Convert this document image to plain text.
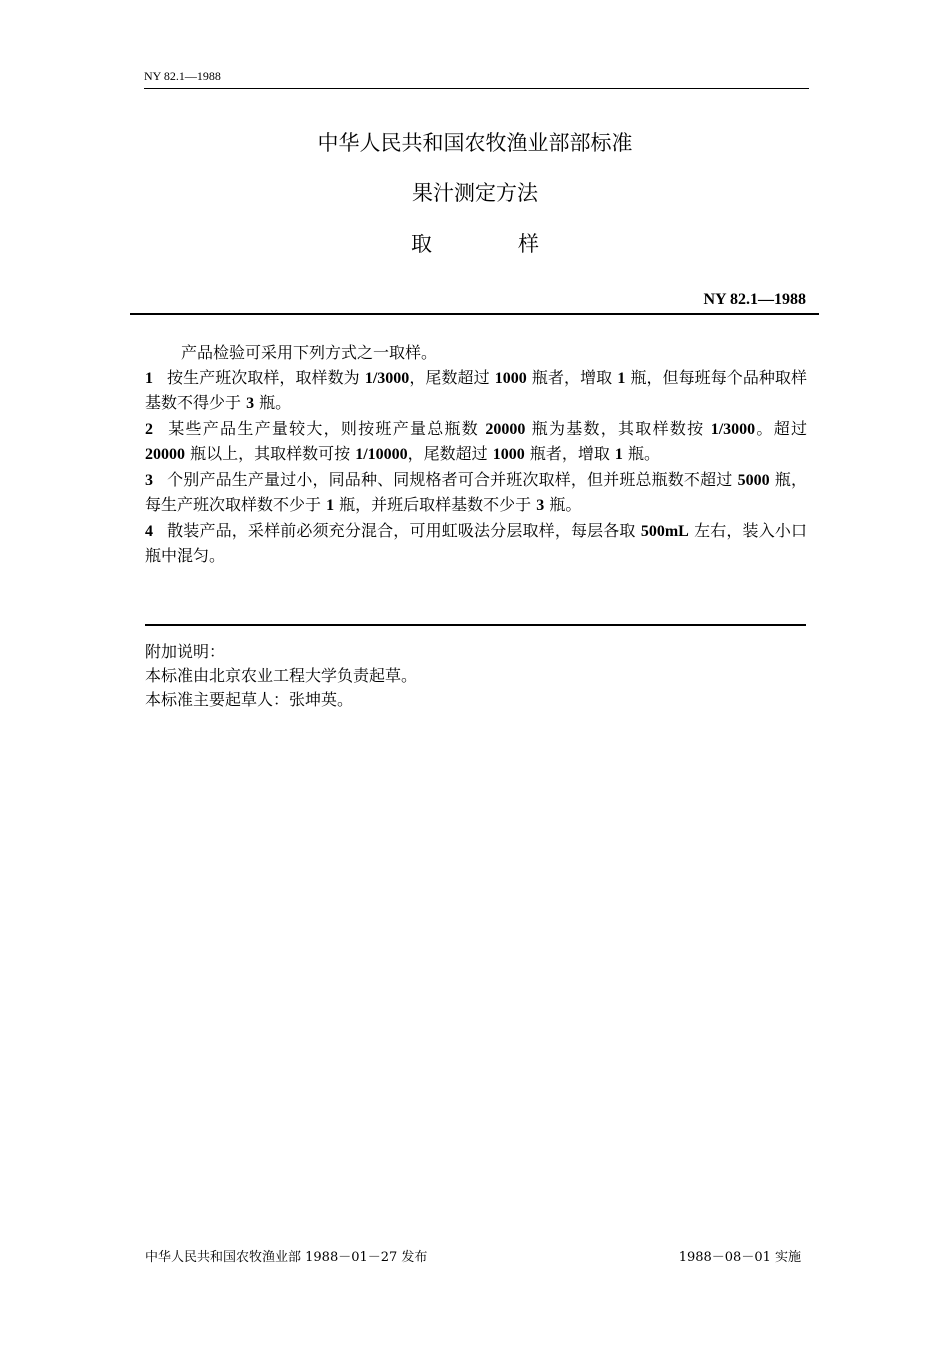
NY 82.1—1988
中华人民共和国农牧渔业部部标准
果汁测定方法
取	样
NY 82.1—1988

产品检验可采用下列方式之一取样。

1 按生产班次取样，取样数为 1/3000，尾数超过 1000 瓶者，增取 1 瓶，但每班每个品种取样基数不得少于 3 瓶。

2 某些产品生产量较大，则按班产量总瓶数 20000 瓶为基数，其取样数按 1/3000。超过 20000 瓶以上，其取样数可按 1/10000，尾数超过 1000 瓶者，增取 1 瓶。

3 个别产品生产量过小，同品种、同规格者可合并班次取样，但并班总瓶数不超过 5000 瓶，每生产班次取样数不少于 1 瓶，并班后取样基数不少于 3 瓶。

4 散装产品，采样前必须充分混合，可用虹吸法分层取样，每层各取 500mL 左右，装入小口瓶中混匀。

附加说明：

本标准由北京农业工程大学负责起草。

本标准主要起草人：张坤英。

中华人民共和国农牧渔业部 1988－01－27 发布	1988－08－01 实施
